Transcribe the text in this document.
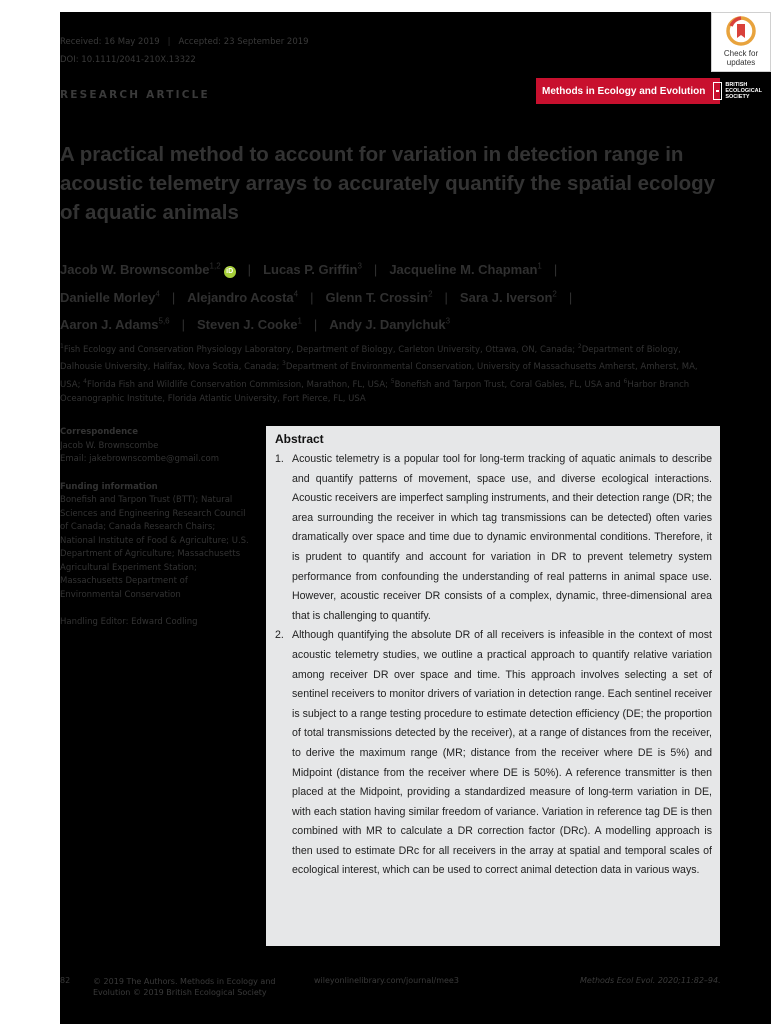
Received: 16 May 2019 | Accepted: 23 September 2019
DOI: 10.1111/2041-210X.13322
RESEARCH ARTICLE	Methods in Ecology and Evolution
BRITISH
ECOLOGICAL
SOCIETY
A practical method to account for variation in detection range in acoustic telemetry arrays to accurately quantify the spatial ecology of aquatic animals
Jacob W. Brownscombe$^{1,2}$iD | Lucas P. Griffin$^3$ | Jacqueline M. Chapman$^1$ |
Danielle Morley$^4$ | Alejandro Acosta$^4$ | Glenn T. Crossin$^2$ | Sara J. Iverson$^2$ |
Aaron J. Adams$^{5,6}$ | Steven J. Cooke$^1$ | Andy J. Danylchuk$^3$
$^1$Fish Ecology and Conservation Physiology Laboratory, Department of Biology, Carleton University, Ottawa, ON, Canada; $^2$Department of Biology, Dalhousie University, Halifax, Nova Scotia, Canada; $^3$Department of Environmental Conservation, University of Massachusetts Amherst, Amherst, MA, USA; $^4$Florida Fish and Wildlife Conservation Commission, Marathon, FL, USA; $^5$Bonefish and Tarpon Trust, Coral Gables, FL, USA and $^6$Harbor Branch Oceanographic Institute, Florida Atlantic University, Fort Pierce, FL, USA
Correspondence
Jacob W. Brownscombe
Email: jakebrownscombe@gmail.com
Funding information
Bonefish and Tarpon Trust (BTT); Natural Sciences and Engineering Research Council of Canada; Canada Research Chairs; National Institute of Food & Agriculture; U.S. Department of Agriculture; Massachusetts Agricultural Experiment Station; Massachusetts Department of Environmental Conservation
Handling Editor: Edward Codling
Abstract
1. Acoustic telemetry is a popular tool for long-term tracking of aquatic animals to describe and quantify patterns of movement, space use, and diverse ecological interactions. Acoustic receivers are imperfect sampling instruments, and their detection range (DR; the area surrounding the receiver in which tag transmissions can be detected) often varies dramatically over space and time due to dynamic environmental conditions. Therefore, it is prudent to quantify and account for variation in DR to prevent telemetry system performance from confounding the understanding of real patterns in animal space use. However, acoustic receiver DR consists of a complex, dynamic, three-dimensional area that is challenging to quantify.
2. Although quantifying the absolute DR of all receivers is infeasible in the context of most acoustic telemetry studies, we outline a practical approach to quantify relative variation among receiver DR over space and time. This approach involves selecting a set of sentinel receivers to monitor drivers of variation in detection range. Each sentinel receiver is subject to a range testing procedure to estimate detection efficiency (DE; the proportion of total transmissions detected by the receiver), at a range of distances from the receiver, to derive the maximum range (MR; distance from the receiver where DE is 5%) and Midpoint (distance from the receiver where DE is 50%). A reference transmitter is then placed at the Midpoint, providing a standardized measure of long-term variation in DE, with each station having similar freedom of variance. Variation in reference tag DE is then combined with MR to calculate a DR correction factor (DRc). A modelling approach is then used to estimate DRc for all receivers in the array at spatial and temporal scales of ecological interest, which can be used to correct animal detection data in various ways.
82	© 2019 The Authors. Methods in Ecology and Evolution © 2019 British Ecological Society
wileyonlinelibrary.com/journal/mee3	Methods Ecol Evol. 2020;11:82–94.
Check for
updates
